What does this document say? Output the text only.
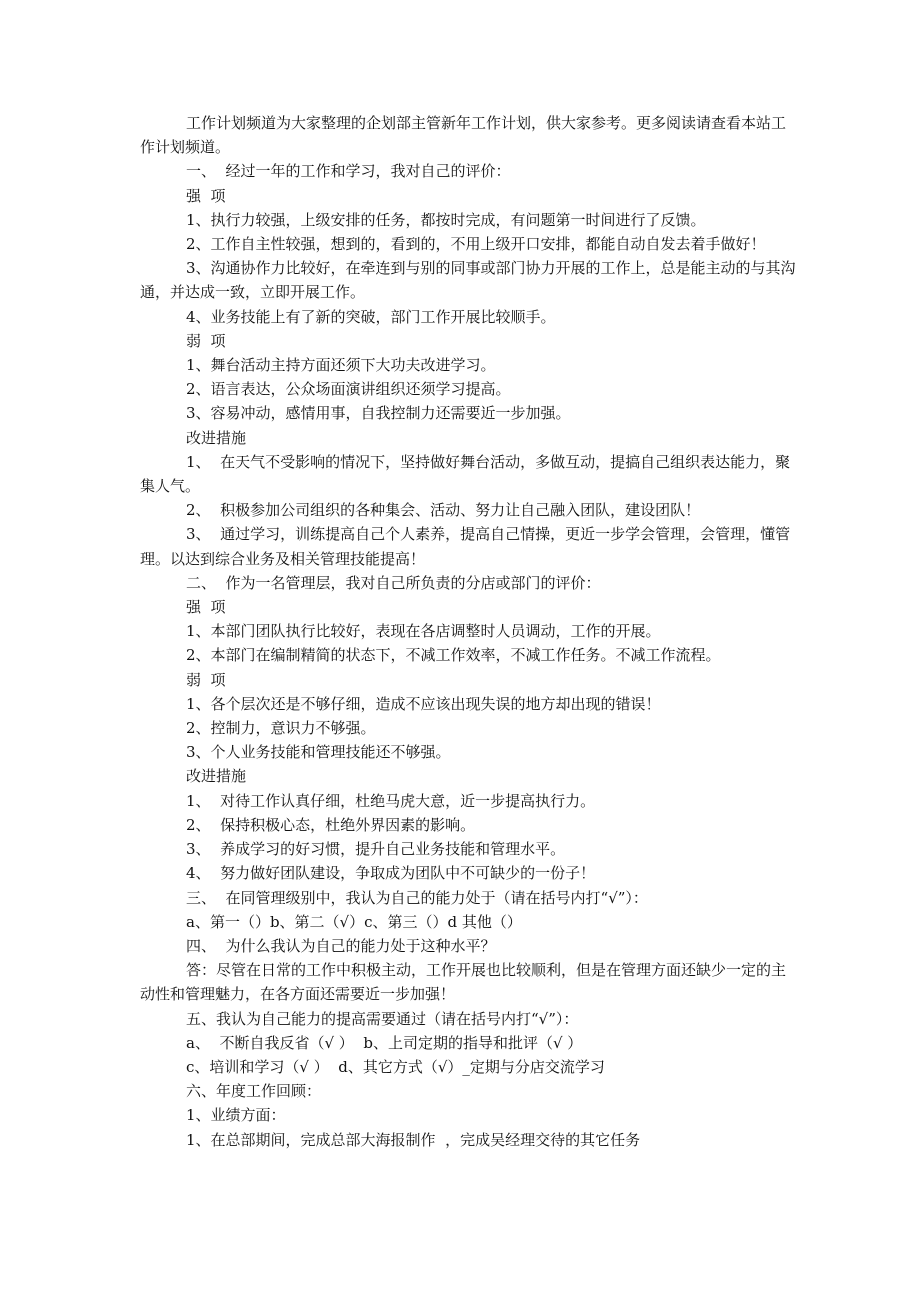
工作计划频道为大家整理的企划部主管新年工作计划，供大家参考。更多阅读请查看本站工作计划频道。

一、  经过一年的工作和学习，我对自己的评价：

强  项

1、执行力较强，上级安排的任务，都按时完成，有问题第一时间进行了反馈。

2、工作自主性较强，想到的，看到的，不用上级开口安排，都能自动自发去着手做好！

3、沟通协作力比较好，在牵连到与别的同事或部门协力开展的工作上，总是能主动的与其沟通，并达成一致，立即开展工作。

4、业务技能上有了新的突破，部门工作开展比较顺手。

弱  项

1、舞台活动主持方面还须下大功夫改进学习。

2、语言表达，公众场面演讲组织还须学习提高。

3、容易冲动，感情用事，自我控制力还需要近一步加强。

改进措施

1、  在天气不受影响的情况下，坚持做好舞台活动，多做互动，提搞自己组织表达能力，聚集人气。

2、  积极参加公司组织的各种集会、活动、努力让自己融入团队，建设团队！

3、  通过学习，训练提高自己个人素养，提高自己情操，更近一步学会管理，会管理，懂管理。以达到综合业务及相关管理技能提高！

二、  作为一名管理层，我对自己所负责的分店或部门的评价：

强  项

1、本部门团队执行比较好，表现在各店调整时人员调动，工作的开展。

2、本部门在编制精简的状态下，不减工作效率，不减工作任务。不减工作流程。

弱  项

1、各个层次还是不够仔细，造成不应该出现失误的地方却出现的错误！

2、控制力，意识力不够强。

3、个人业务技能和管理技能还不够强。

改进措施

1、  对待工作认真仔细，杜绝马虎大意，近一步提高执行力。

2、  保持积极心态，杜绝外界因素的影响。

3、  养成学习的好习惯，提升自己业务技能和管理水平。

4、  努力做好团队建设，争取成为团队中不可缺少的一份子！

三、  在同管理级别中，我认为自己的能力处于（请在括号内打“√”）：

a、第一（）b、第二（√）c、第三（）d 其他（）

四、  为什么我认为自己的能力处于这种水平？

答：尽管在日常的工作中积极主动，工作开展也比较顺利，但是在管理方面还缺少一定的主动性和管理魅力，在各方面还需要近一步加强！

五、我认为自己能力的提高需要通过（请在括号内打“√”）：

a、  不断自我反省（√ ）  b、上司定期的指导和批评（√ ）

c、培训和学习（√ ）  d、其它方式（√）_定期与分店交流学习

六、年度工作回顾：

1、业绩方面：

1、在总部期间，完成总部大海报制作  ，完成吴经理交待的其它任务
